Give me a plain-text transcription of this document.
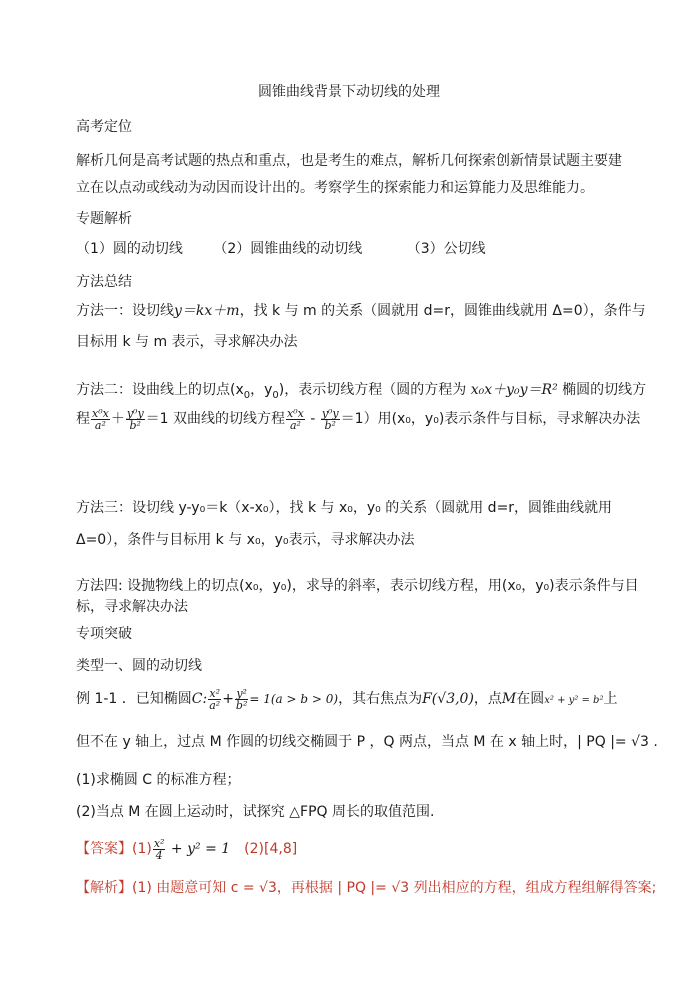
圆锥曲线背景下动切线的处理
高考定位
解析几何是高考试题的热点和重点，也是考生的难点，解析几何探索创新情景试题主要建
立在以点动或线动为动因而设计出的。考察学生的探索能力和运算能力及思维能力。
专题解析
（1）圆的动切线 （2）圆锥曲线的动切线	（3）公切线
方法总结
方法一：设切线y＝kx＋m，找 k 与 m 的关系（圆就用 d=r，圆锥曲线就用 Δ=0），条件与
目标用 k 与 m 表示，寻求解决办法
方法二：设曲线上的切点($x_0$，$y_0$)，表示切线方程（圆的方程为 x₀x＋y₀y＝R² 椭圆的切线方
程 $\frac{\text{x⁰x}}{\text{a²}} + \frac{\text{y⁰y}}{\text{b²}} =1$ 双曲线的切线方程 $\frac{\text{x⁰x}}{\text{a²}} - \frac{\text{y⁰y}}{\text{b²}} =1$）用(x₀，y₀)表示条件与目标，寻求解决办法
方法三：设切线 y-y₀＝k（x-x₀），找 k 与 x₀，y₀ 的关系（圆就用 d=r，圆锥曲线就用
Δ=0），条件与目标用 k 与 x₀，y₀表示，寻求解决办法
方法四: 设抛物线上的切点(x₀，y₀)，求导的斜率，表示切线方程，用(x₀，y₀)表示条件与目
标，寻求解决办法
专项突破
类型一、圆的动切线
例 1-1 ．已知椭圆C: $\frac{\text{x²}}{\text{a²}} + \frac{\text{y²}}{\text{b²}} = 1(a > b > 0)$，其右焦点为F(√3,0)，点M在圆x² + y² = b²上
但不在 y 轴上，过点 M 作圆的切线交椭圆于 P ，Q 两点，当点 M 在 x 轴上时，| PQ |= √3 .
(1)求椭圆 C 的标准方程；
(2)当点 M 在圆上运动时，试探究 △FPQ 周长的取值范围.
【答案】$(1) \frac{\text{x²}}{4} + y^2 = 1$ (2)[4,8]
【解析】(1) 由题意可知 c = √3，再根据 | PQ |= √3 列出相应的方程，组成方程组解得答案;
